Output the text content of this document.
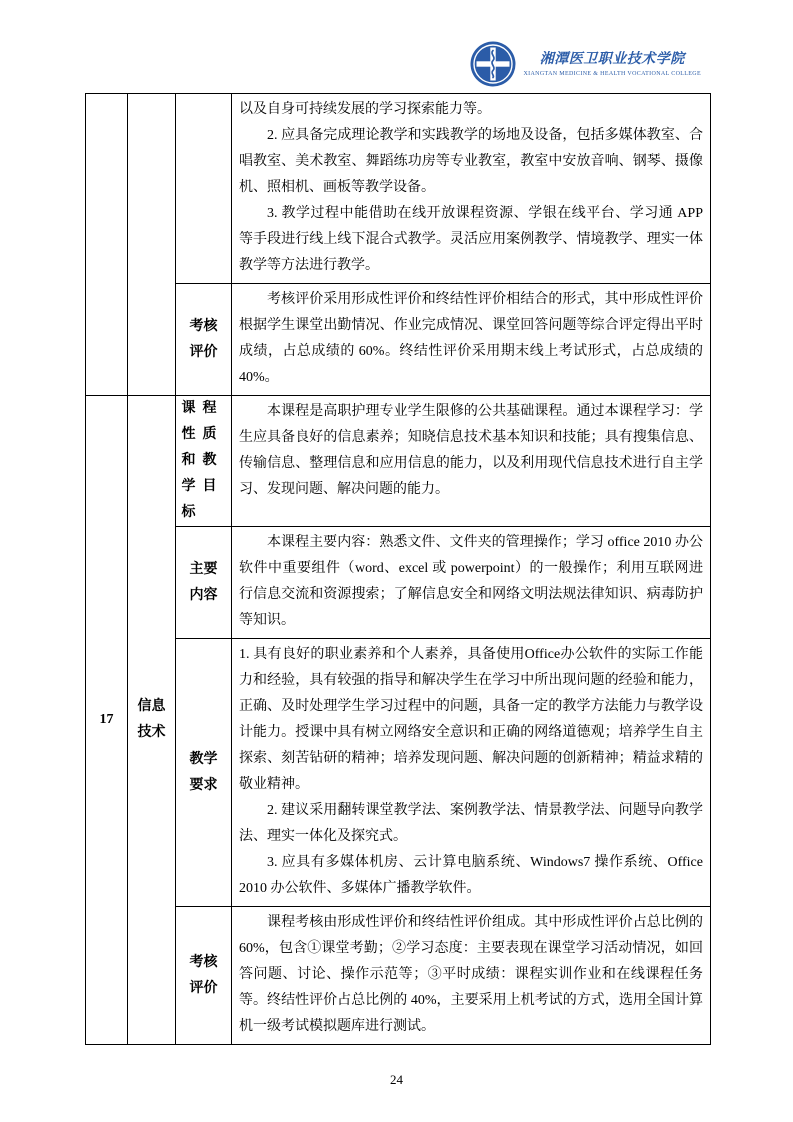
湘潭医卫职业技术学院
XIANGTAN MEDICINE & HEALTH VOCATIONAL COLLEGE

			以及自身可持续发展的学习探索能力等。

2. 应具备完成理论教学和实践教学的场地及设备，包括多媒体教室、合唱教室、美术教室、舞蹈练功房等专业教室，教室中安放音响、钢琴、摄像机、照相机、画板等教学设备。

3. 教学过程中能借助在线开放课程资源、学银在线平台、学习通 APP 等手段进行线上线下混合式教学。灵活应用案例教学、情境教学、理实一体教学等方法进行教学。

		考核评价	考核评价采用形成性评价和终结性评价相结合的形式，其中形成性评价根据学生课堂出勤情况、作业完成情况、课堂回答问题等综合评定得出平时成绩，占总成绩的 60%。终结性评价采用期末线上考试形式，占总成绩的 40%。

17	信息技术	课程性质和教学目标	本课程是高职护理专业学生限修的公共基础课程。通过本课程学习：学生应具备良好的信息素养；知晓信息技术基本知识和技能；具有搜集信息、传输信息、整理信息和应用信息的能力，以及利用现代信息技术进行自主学习、发现问题、解决问题的能力。

		主要内容	本课程主要内容：熟悉文件、文件夹的管理操作；学习 office 2010 办公软件中重要组件（word、excel 或 powerpoint）的一般操作；利用互联网进行信息交流和资源搜索；了解信息安全和网络文明法规法律知识、病毒防护等知识。

		教学要求	1. 具有良好的职业素养和个人素养，具备使用Office办公软件的实际工作能力和经验，具有较强的指导和解决学生在学习中所出现问题的经验和能力，正确、及时处理学生学习过程中的问题，具备一定的教学方法能力与教学设计能力。授课中具有树立网络安全意识和正确的网络道德观；培养学生自主探索、刻苦钻研的精神；培养发现问题、解决问题的创新精神；精益求精的敬业精神。

2. 建议采用翻转课堂教学法、案例教学法、情景教学法、问题导向教学法、理实一体化及探究式。

3. 应具有多媒体机房、云计算电脑系统、Windows7 操作系统、Office 2010 办公软件、多媒体广播教学软件。

		考核评价	课程考核由形成性评价和终结性评价组成。其中形成性评价占总比例的 60%，包含①课堂考勤；②学习态度：主要表现在课堂学习活动情况，如回答问题、讨论、操作示范等；③平时成绩：课程实训作业和在线课程任务等。终结性评价占总比例的 40%，主要采用上机考试的方式，选用全国计算机一级考试模拟题库进行测试。

24
